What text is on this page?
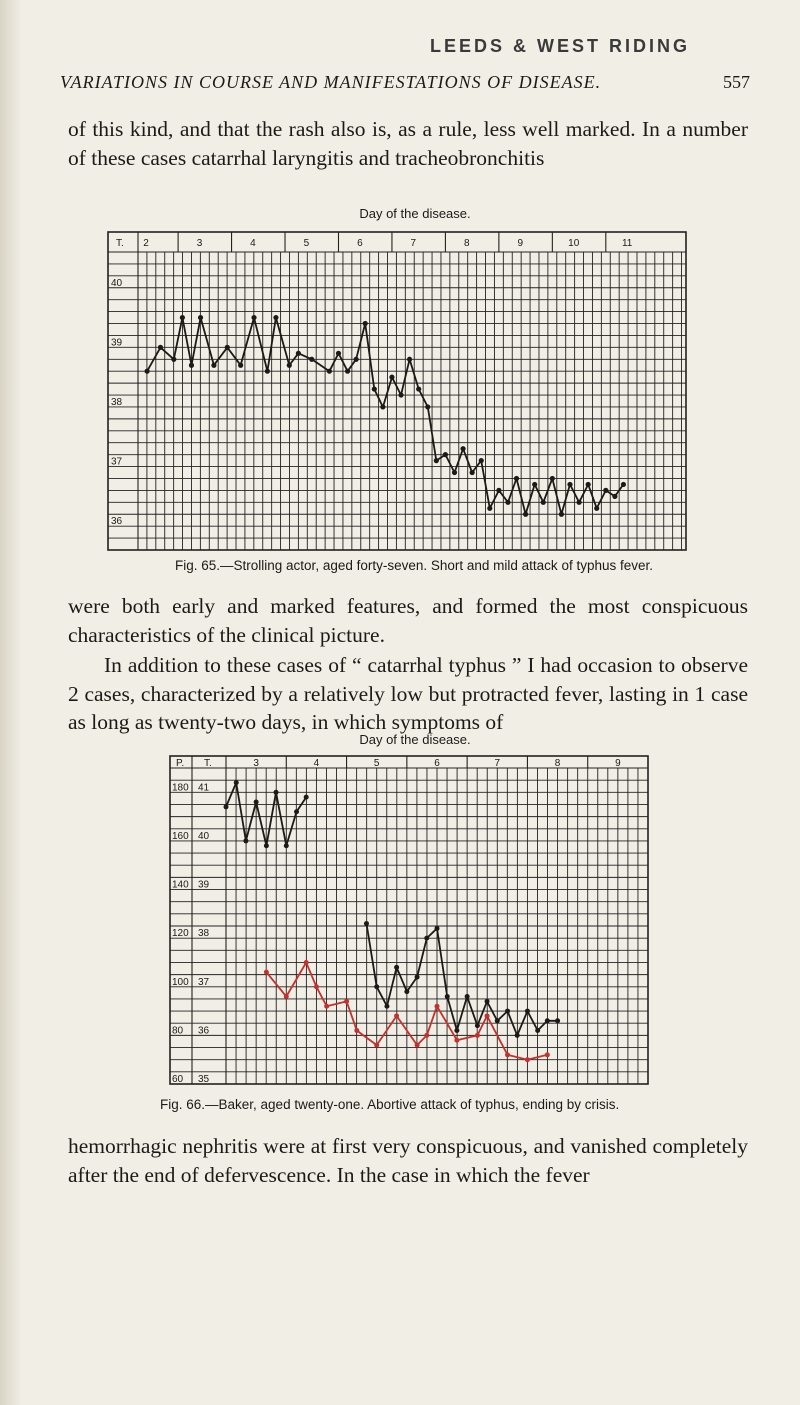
LEEDS & WEST RIDING
VARIATIONS IN COURSE AND MANIFESTATIONS OF DISEASE.	557

of this kind, and that the rash also is, as a rule, less well marked. In a number of these cases catarrhal laryngitis and tracheobronchitis

Day of the disease.
2	3	4	5	6	7	8	9	10	11
T.
40
39
38
37
36
Fig. 65.—Strolling actor, aged forty-seven. Short and mild attack of typhus fever.

were both early and marked features, and formed the most conspicuous characteristics of the clinical picture.

In addition to these cases of “ catarrhal typhus ” I had occasion to observe 2 cases, characterized by a relatively low but protracted fever, lasting in 1 case as long as twenty-two days, in which symptoms of

Day of the disease.
3	4	5	6	7	8	9
P. T.
41
180
40
160
39
140
38
120
37
100
36
80
35
60
Fig. 66.—Baker, aged twenty-one. Abortive attack of typhus, ending by crisis.

hemorrhagic nephritis were at first very conspicuous, and vanished completely after the end of defervescence. In the case in which the fever
